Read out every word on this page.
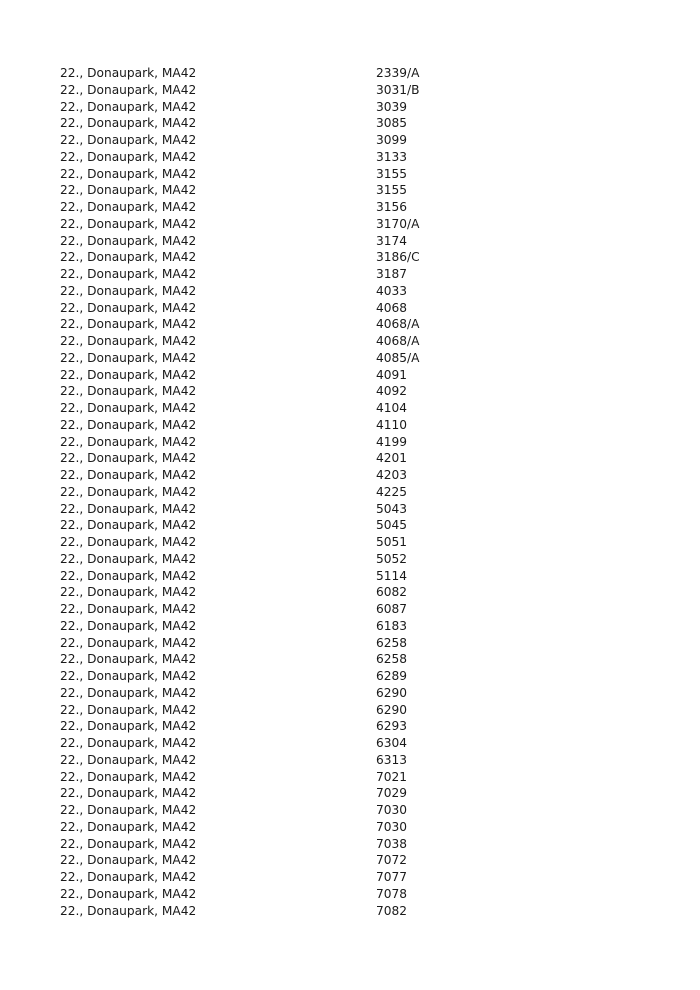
22., Donaupark, MA42	2339/A
22., Donaupark, MA42	3031/B
22., Donaupark, MA42	3039
22., Donaupark, MA42	3085
22., Donaupark, MA42	3099
22., Donaupark, MA42	3133
22., Donaupark, MA42	3155
22., Donaupark, MA42	3155
22., Donaupark, MA42	3156
22., Donaupark, MA42	3170/A
22., Donaupark, MA42	3174
22., Donaupark, MA42	3186/C
22., Donaupark, MA42	3187
22., Donaupark, MA42	4033
22., Donaupark, MA42	4068
22., Donaupark, MA42	4068/A
22., Donaupark, MA42	4068/A
22., Donaupark, MA42	4085/A
22., Donaupark, MA42	4091
22., Donaupark, MA42	4092
22., Donaupark, MA42	4104
22., Donaupark, MA42	4110
22., Donaupark, MA42	4199
22., Donaupark, MA42	4201
22., Donaupark, MA42	4203
22., Donaupark, MA42	4225
22., Donaupark, MA42	5043
22., Donaupark, MA42	5045
22., Donaupark, MA42	5051
22., Donaupark, MA42	5052
22., Donaupark, MA42	5114
22., Donaupark, MA42	6082
22., Donaupark, MA42	6087
22., Donaupark, MA42	6183
22., Donaupark, MA42	6258
22., Donaupark, MA42	6258
22., Donaupark, MA42	6289
22., Donaupark, MA42	6290
22., Donaupark, MA42	6290
22., Donaupark, MA42	6293
22., Donaupark, MA42	6304
22., Donaupark, MA42	6313
22., Donaupark, MA42	7021
22., Donaupark, MA42	7029
22., Donaupark, MA42	7030
22., Donaupark, MA42	7030
22., Donaupark, MA42	7038
22., Donaupark, MA42	7072
22., Donaupark, MA42	7077
22., Donaupark, MA42	7078
22., Donaupark, MA42	7082
